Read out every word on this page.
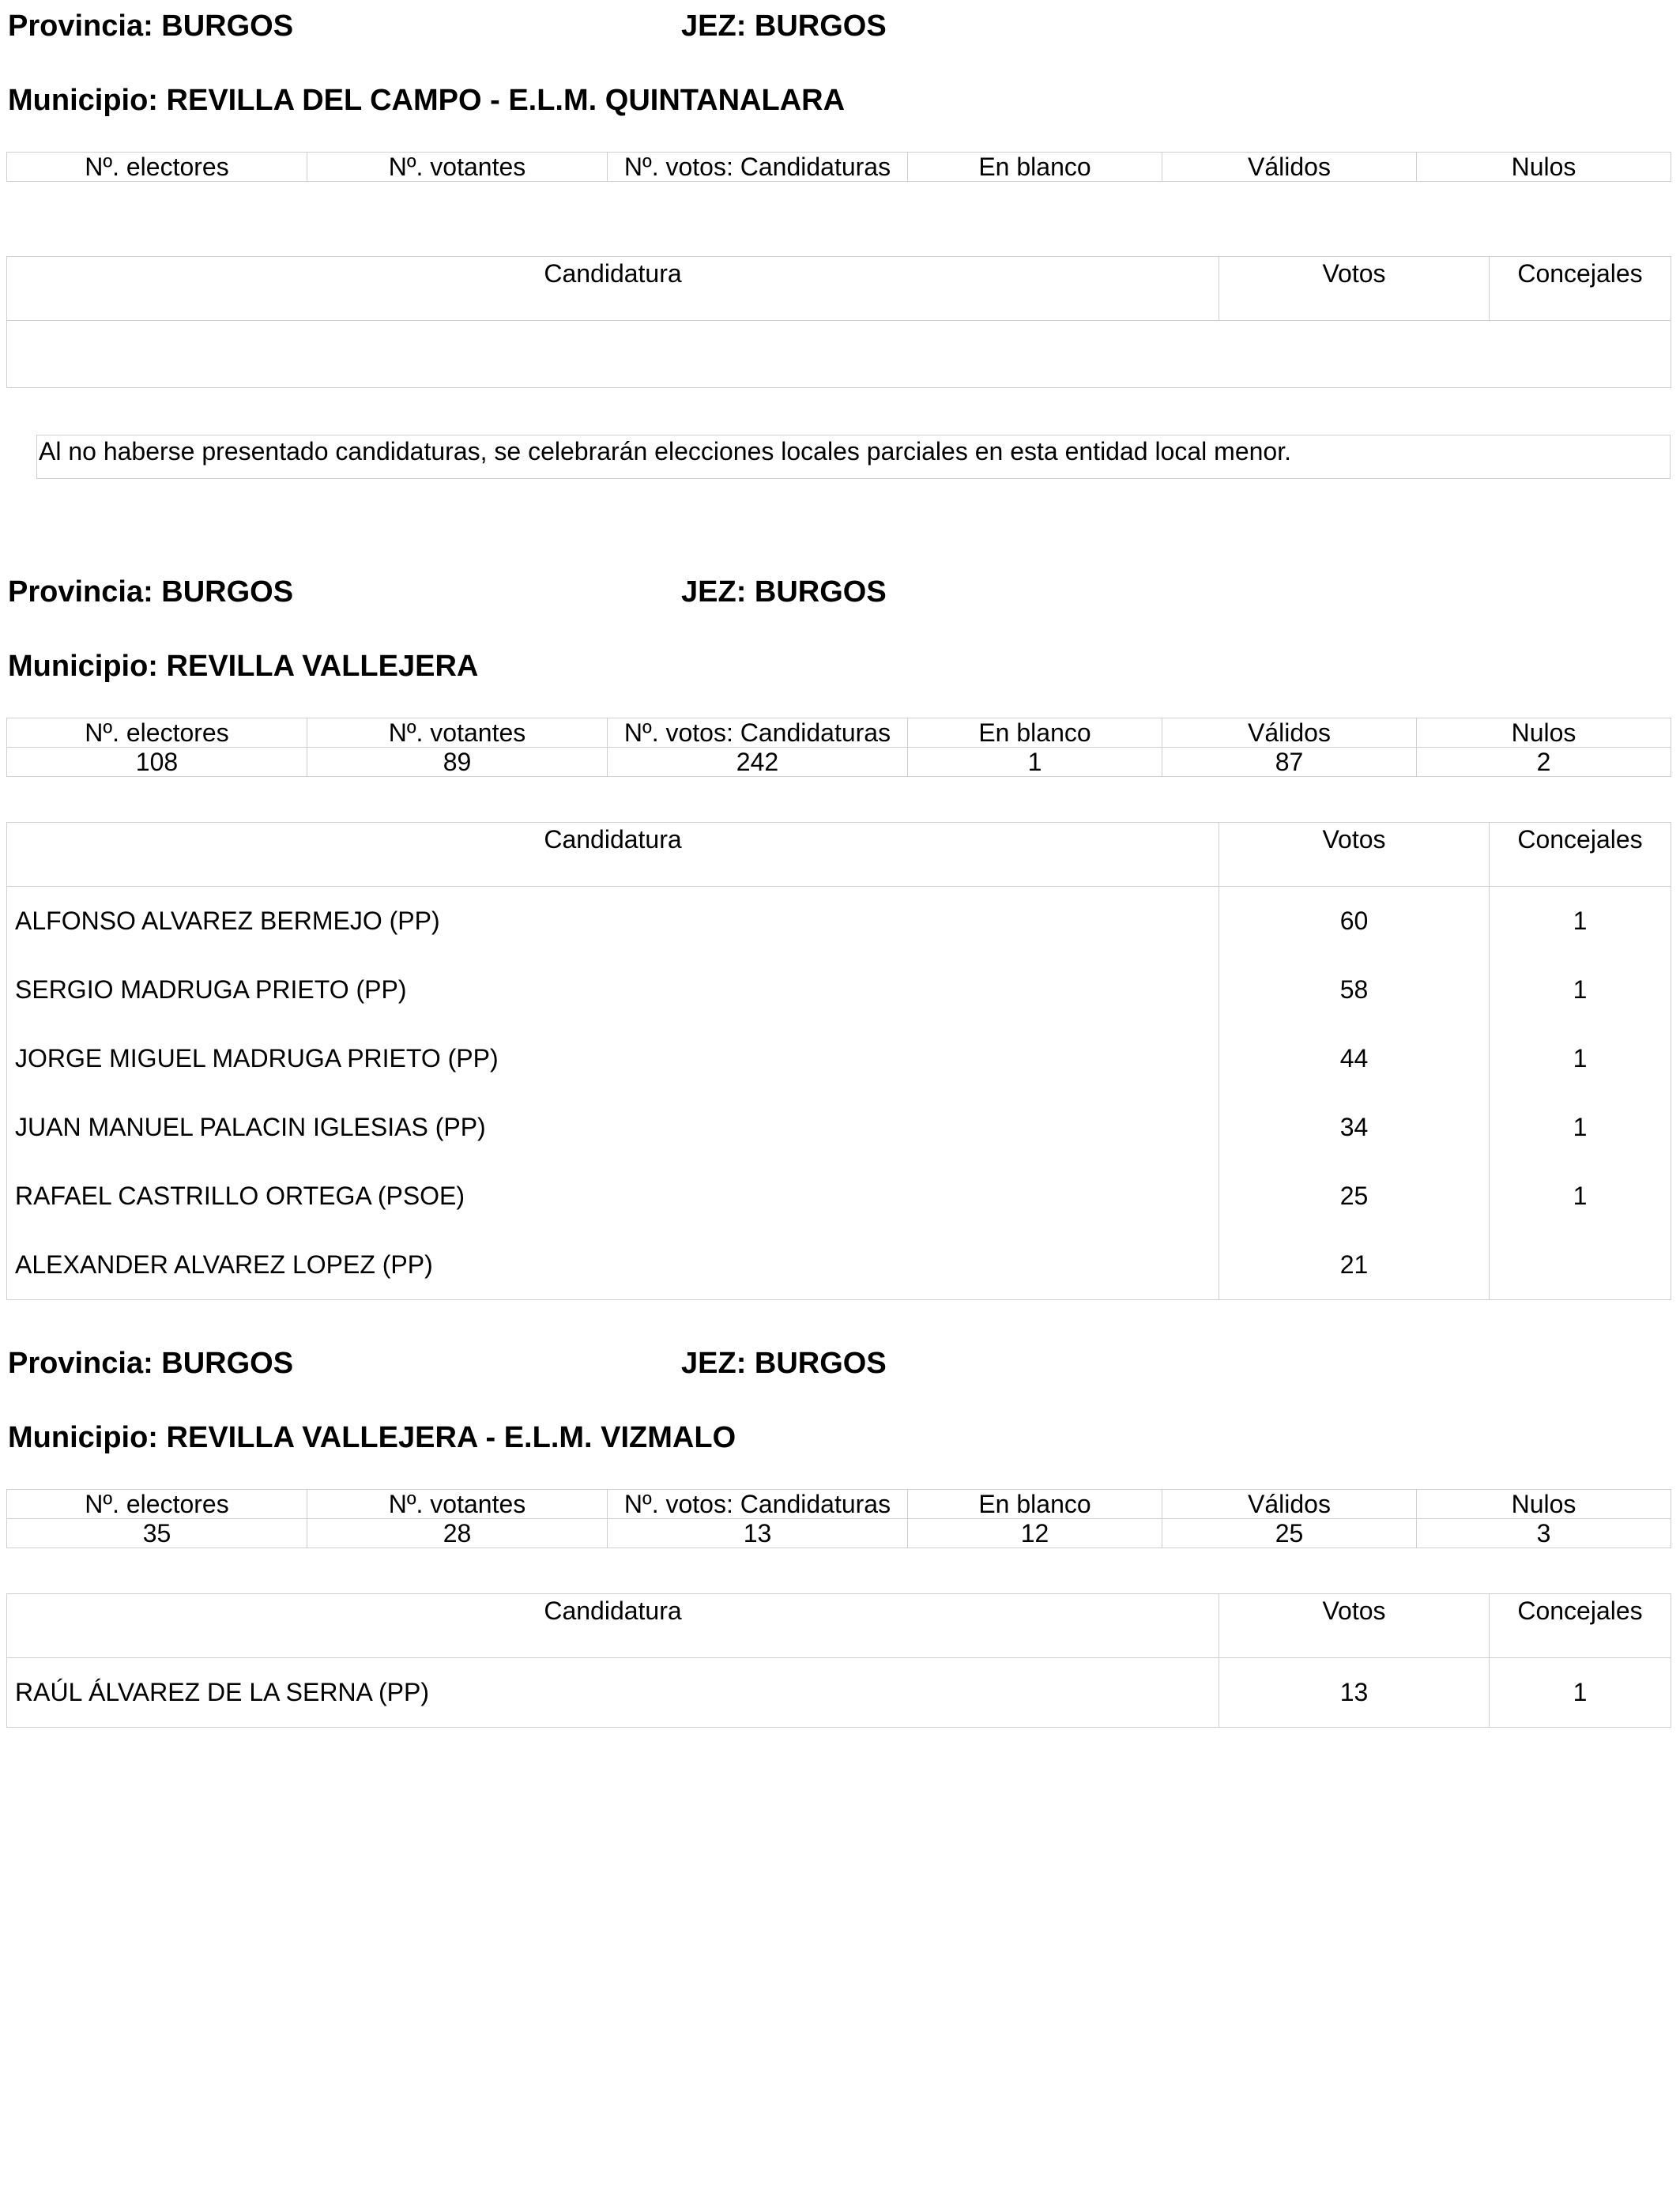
Provincia: BURGOS	JEZ: BURGOS
Municipio: REVILLA DEL CAMPO - E.L.M. QUINTANALARA
Nº. electores	Nº. votantes	Nº. votos: Candidaturas	En blanco	Válidos	Nulos
Candidatura	Votos	Concejales

Al no haberse presentado candidaturas, se celebrarán elecciones locales parciales en esta entidad local menor.
Provincia: BURGOS	JEZ: BURGOS
Municipio: REVILLA VALLEJERA
Nº. electores	Nº. votantes	Nº. votos: Candidaturas	En blanco	Válidos	Nulos
108	89	242	1	87	2
Candidatura	Votos	Concejales
ALFONSO ALVAREZ BERMEJO (PP)	60	1
SERGIO MADRUGA PRIETO (PP)	58	1
JORGE MIGUEL MADRUGA PRIETO (PP)	44	1
JUAN MANUEL PALACIN IGLESIAS (PP)	34	1
RAFAEL CASTRILLO ORTEGA (PSOE)	25	1
ALEXANDER ALVAREZ LOPEZ (PP)	21	
Provincia: BURGOS	JEZ: BURGOS
Municipio: REVILLA VALLEJERA - E.L.M. VIZMALO
Nº. electores	Nº. votantes	Nº. votos: Candidaturas	En blanco	Válidos	Nulos
35	28	13	12	25	3
Candidatura	Votos	Concejales
RAÚL ÁLVAREZ DE LA SERNA (PP)	13	1
